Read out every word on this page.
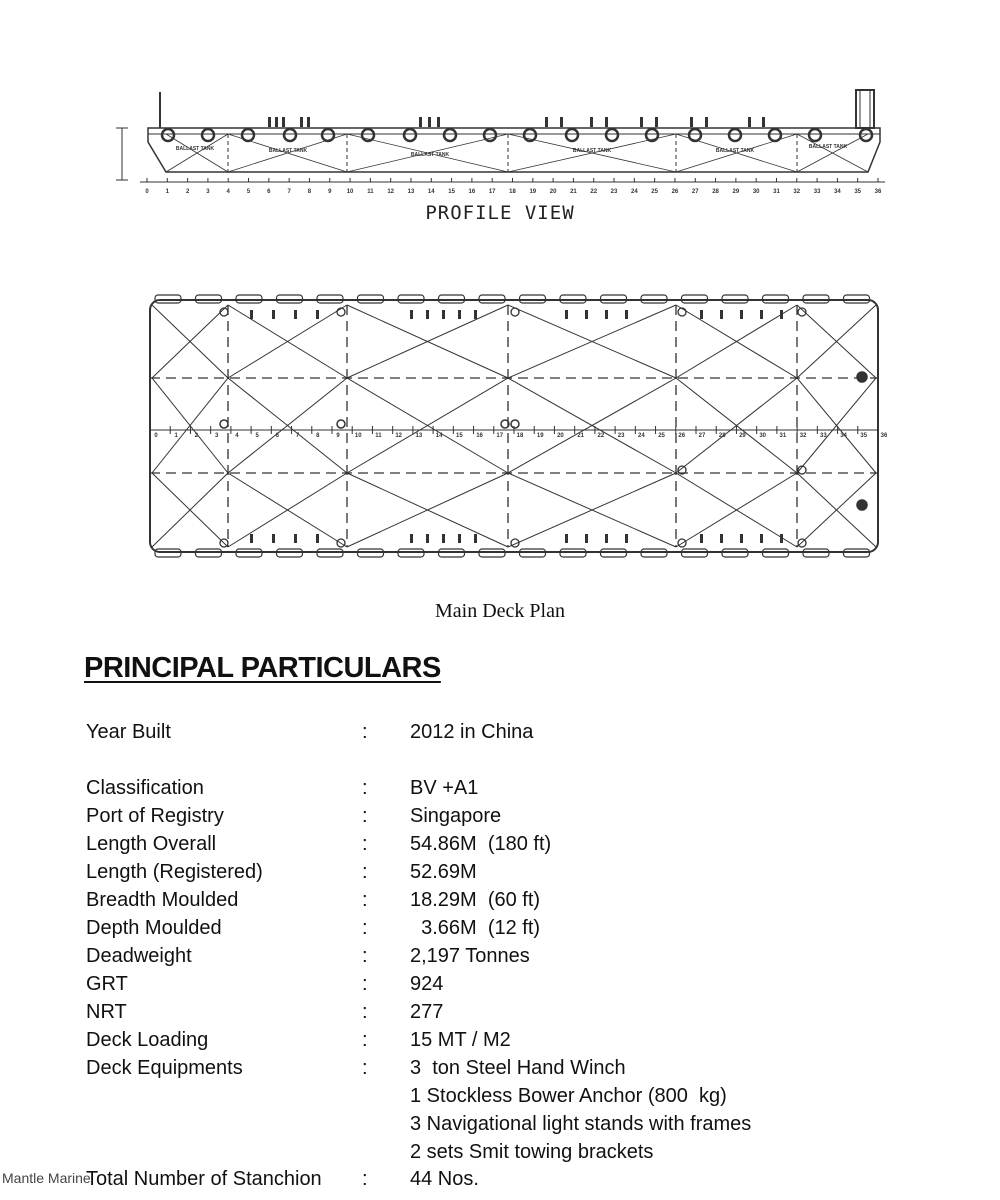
0	1	2	3	4	5	6	7	8	9	10 11 12 13 14 15 16 17 18 19 20 21 22 23 24 25 26 27 28 29 30 31 32 33 34 35 36
BALLAST TANK	BALLAST TANK
BALLAST TANK
BALLAST TANK	BALLAST TANK
BALLAST TANK
0	1	2	3	4	5	6	7	8	9	10 11 12 13 14 15 16 17 18 19 20 21 22 23 24 25 26 27 28 29 30 31 32 33 34 35 36
PROFILE VIEW
Main Deck Plan
PRINCIPAL PARTICULARS
Year Built	: 2012 in China
Classification	: BV +A1
Port of Registry	: Singapore
Length Overall	: 54.86M  (180 ft)
Length (Registered)	: 52.69M
Breadth Moulded	: 18.29M  (60 ft)
Depth Moulded	: 3.66M  (12 ft)
Deadweight	: 2,197 Tonnes
GRT	: 924
NRT	: 277
Deck Loading	: 15 MT / M2
Deck Equipments	: 3  ton Steel Hand Winch
1 Stockless Bower Anchor (800  kg)
3 Navigational light stands with frames
2 sets Smit towing brackets
Total Number of Stanchion : 44 Nos.
Mantle Marine
